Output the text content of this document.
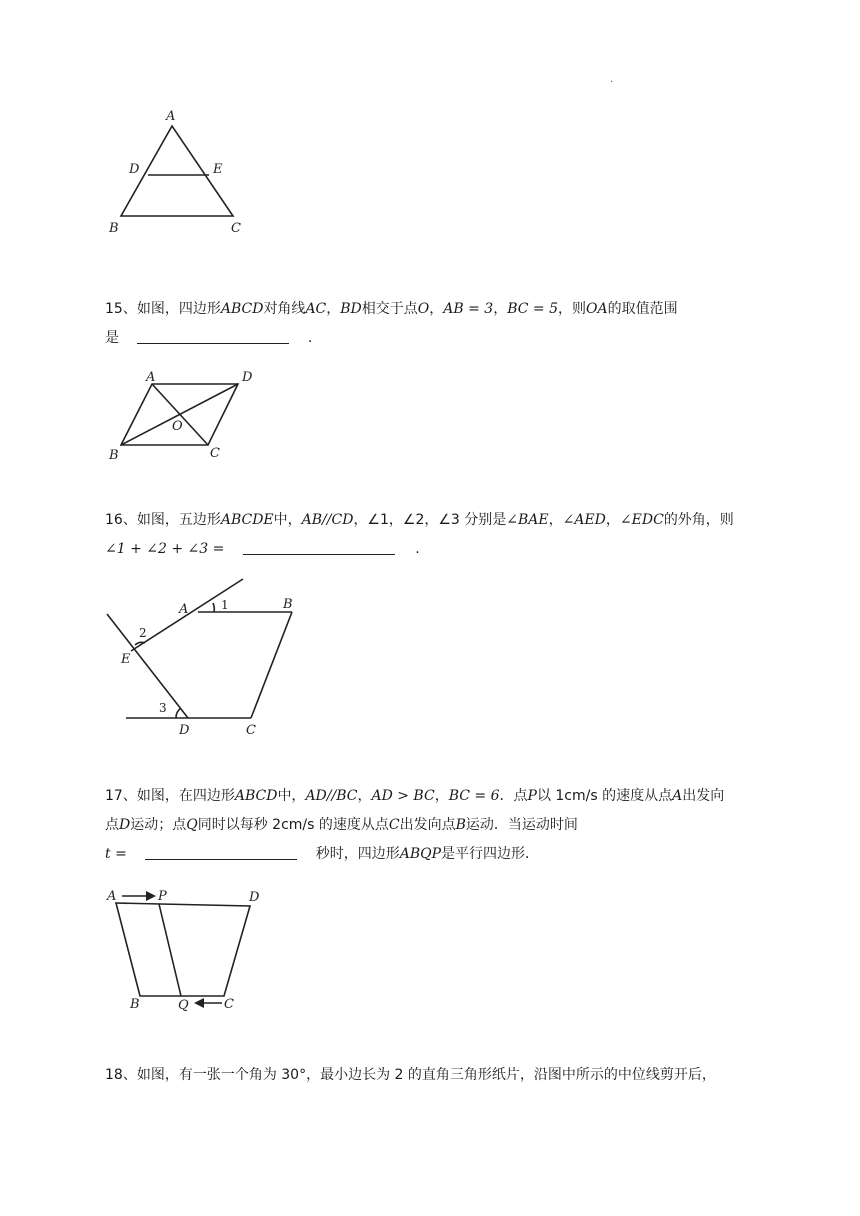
.
A
D	E
B	C
15、如图，四边形ABCD对角线AC，BD相交于点O，AB = 3，BC = 5，则OA的取值范围
是	.
A	D
O
B	C
16、如图，五边形ABCDE中，AB//CD，∠1，∠2，∠3 分别是∠BAE，∠AED，∠EDC的外角，则
∠1 + ∠2 + ∠3 =	.
A	B
E
D	C
1
2
3
17、如图，在四边形ABCD中，AD//BC，AD > BC，BC = 6．点P以 1cm/s 的速度从点A出发向
点D运动；点Q同时以每秒 2cm/s 的速度从点C出发向点B运动．当运动时间
t =	秒时，四边形ABQP是平行四边形．
A	P	D
B	Q	C
18、如图，有一张一个角为 30°，最小边长为 2 的直角三角形纸片，沿图中所示的中位线剪开后，
